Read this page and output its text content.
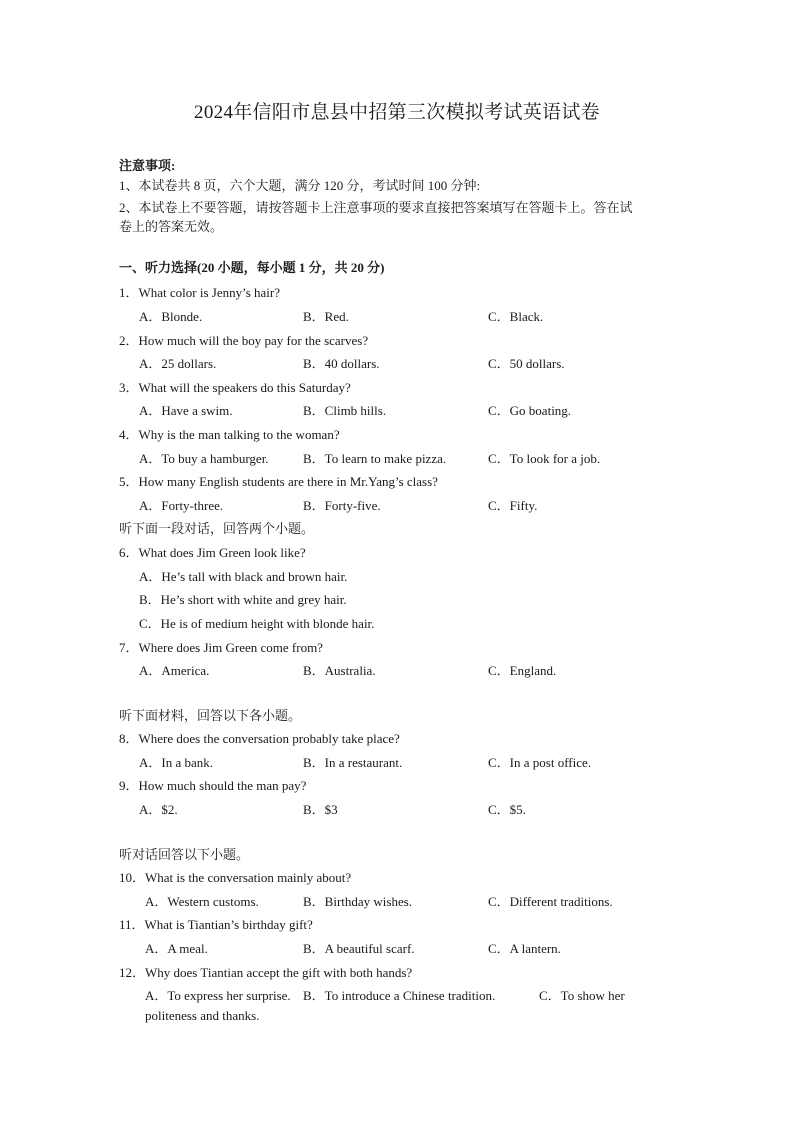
2024年信阳市息县中招第三次模拟考试英语试卷
注意事项:
1、本试卷共 8 页，六个大题，满分 120 分，考试时间 100 分钟:
2、本试卷上不要答题，请按答题卡上注意事项的要求直接把答案填写在答题卡上。答在试
卷上的答案无效。
一、听力选择(20 小题，每小题 1 分，共 20 分)
1．What color is Jenny’s hair?
A．Blonde.	B．Red.	C．Black.
2．How much will the boy pay for the scarves?
A．25 dollars.	B．40 dollars.	C．50 dollars.
3．What will the speakers do this Saturday?
A．Have a swim.	B．Climb hills.	C．Go boating.
4．Why is the man talking to the woman?
A．To buy a hamburger.	B．To learn to make pizza.	C．To look for a job.
5．How many English students are there in Mr.Yang’s class?
A．Forty-three.	B．Forty-five.	C．Fifty.
听下面一段对话，回答两个小题。
6．What does Jim Green look like?
A．He’s tall with black and brown hair.
B．He’s short with white and grey hair.
C．He is of medium height with blonde hair.
7．Where does Jim Green come from?
A．America.	B．Australia.	C．England.
听下面材料，回答以下各小题。
8．Where does the conversation probably take place?
A．In a bank.	B．In a restaurant.	C．In a post office.
9．How much should the man pay?
A．$2.	B．$3	C．$5.
听对话回答以下小题。
10．What is the conversation mainly about?
A．Western customs.	B．Birthday wishes.	C．Different traditions.
11．What is Tiantian’s birthday gift?
A．A meal.	B．A beautiful scarf.	C．A lantern.
12．Why does Tiantian accept the gift with both hands?
A．To express her surprise. B．To introduce a Chinese tradition.	C．To show her
politeness and thanks.
